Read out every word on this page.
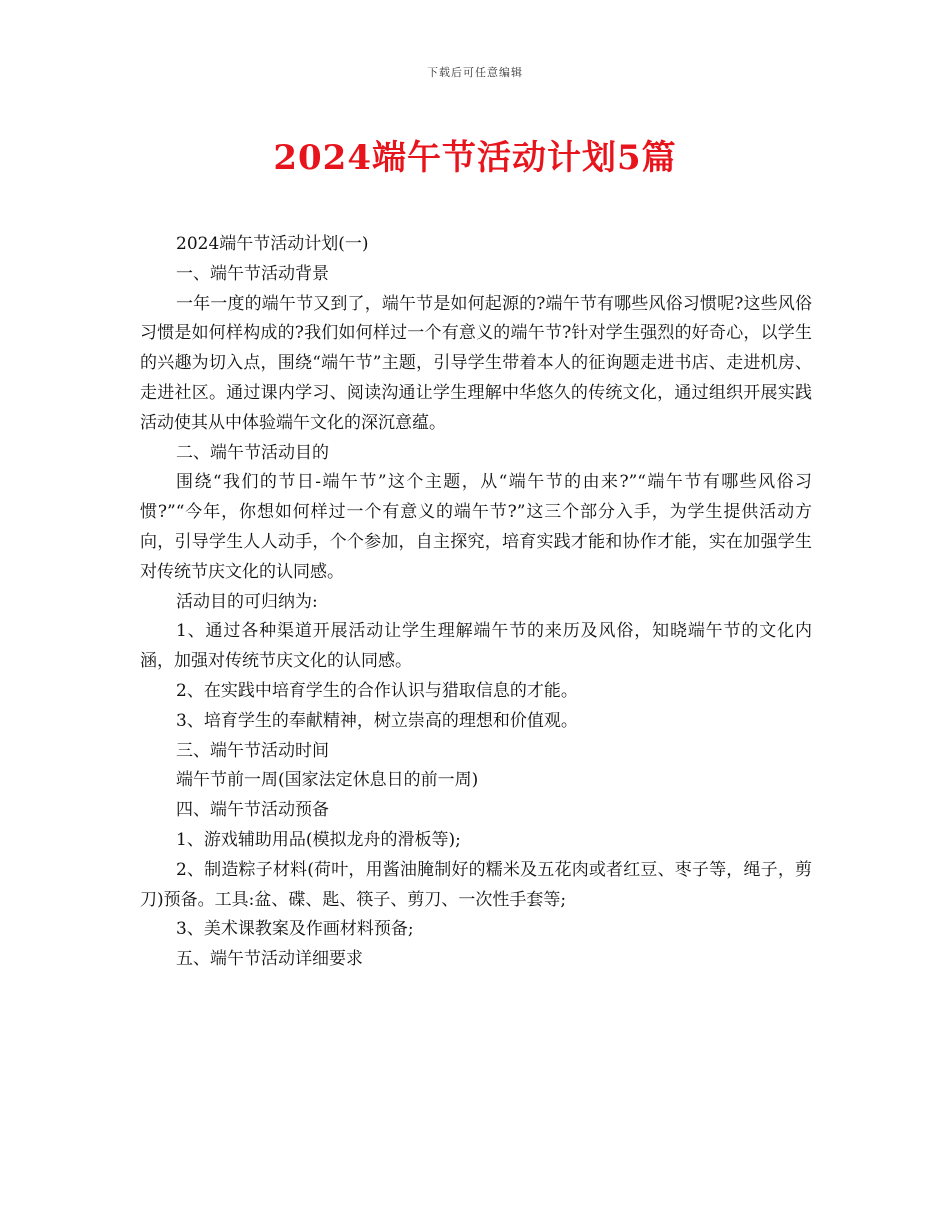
下载后可任意编辑
2024端午节活动计划5篇

2024端午节活动计划(一)

一、端午节活动背景

一年一度的端午节又到了，端午节是如何起源的?端午节有哪些风俗习惯呢?这些风俗习惯是如何样构成的?我们如何样过一个有意义的端午节?针对学生强烈的好奇心，以学生的兴趣为切入点，围绕“端午节”主题，引导学生带着本人的征询题走进书店、走进机房、走进社区。通过课内学习、阅读沟通让学生理解中华悠久的传统文化，通过组织开展实践活动使其从中体验端午文化的深沉意蕴。

二、端午节活动目的

围绕“我们的节日-端午节”这个主题，从“端午节的由来?”“端午节有哪些风俗习惯?”“今年，你想如何样过一个有意义的端午节?”这三个部分入手，为学生提供活动方向，引导学生人人动手，个个参加，自主探究，培育实践才能和协作才能，实在加强学生对传统节庆文化的认同感。

活动目的可归纳为:

1、通过各种渠道开展活动让学生理解端午节的来历及风俗，知晓端午节的文化内涵，加强对传统节庆文化的认同感。

2、在实践中培育学生的合作认识与猎取信息的才能。

3、培育学生的奉献精神，树立崇高的理想和价值观。

三、端午节活动时间

端午节前一周(国家法定休息日的前一周)

四、端午节活动预备

1、游戏辅助用品(模拟龙舟的滑板等);

2、制造粽子材料(荷叶，用酱油腌制好的糯米及五花肉或者红豆、枣子等，绳子，剪刀)预备。工具:盆、碟、匙、筷子、剪刀、一次性手套等;

3、美术课教案及作画材料预备;

五、端午节活动详细要求
